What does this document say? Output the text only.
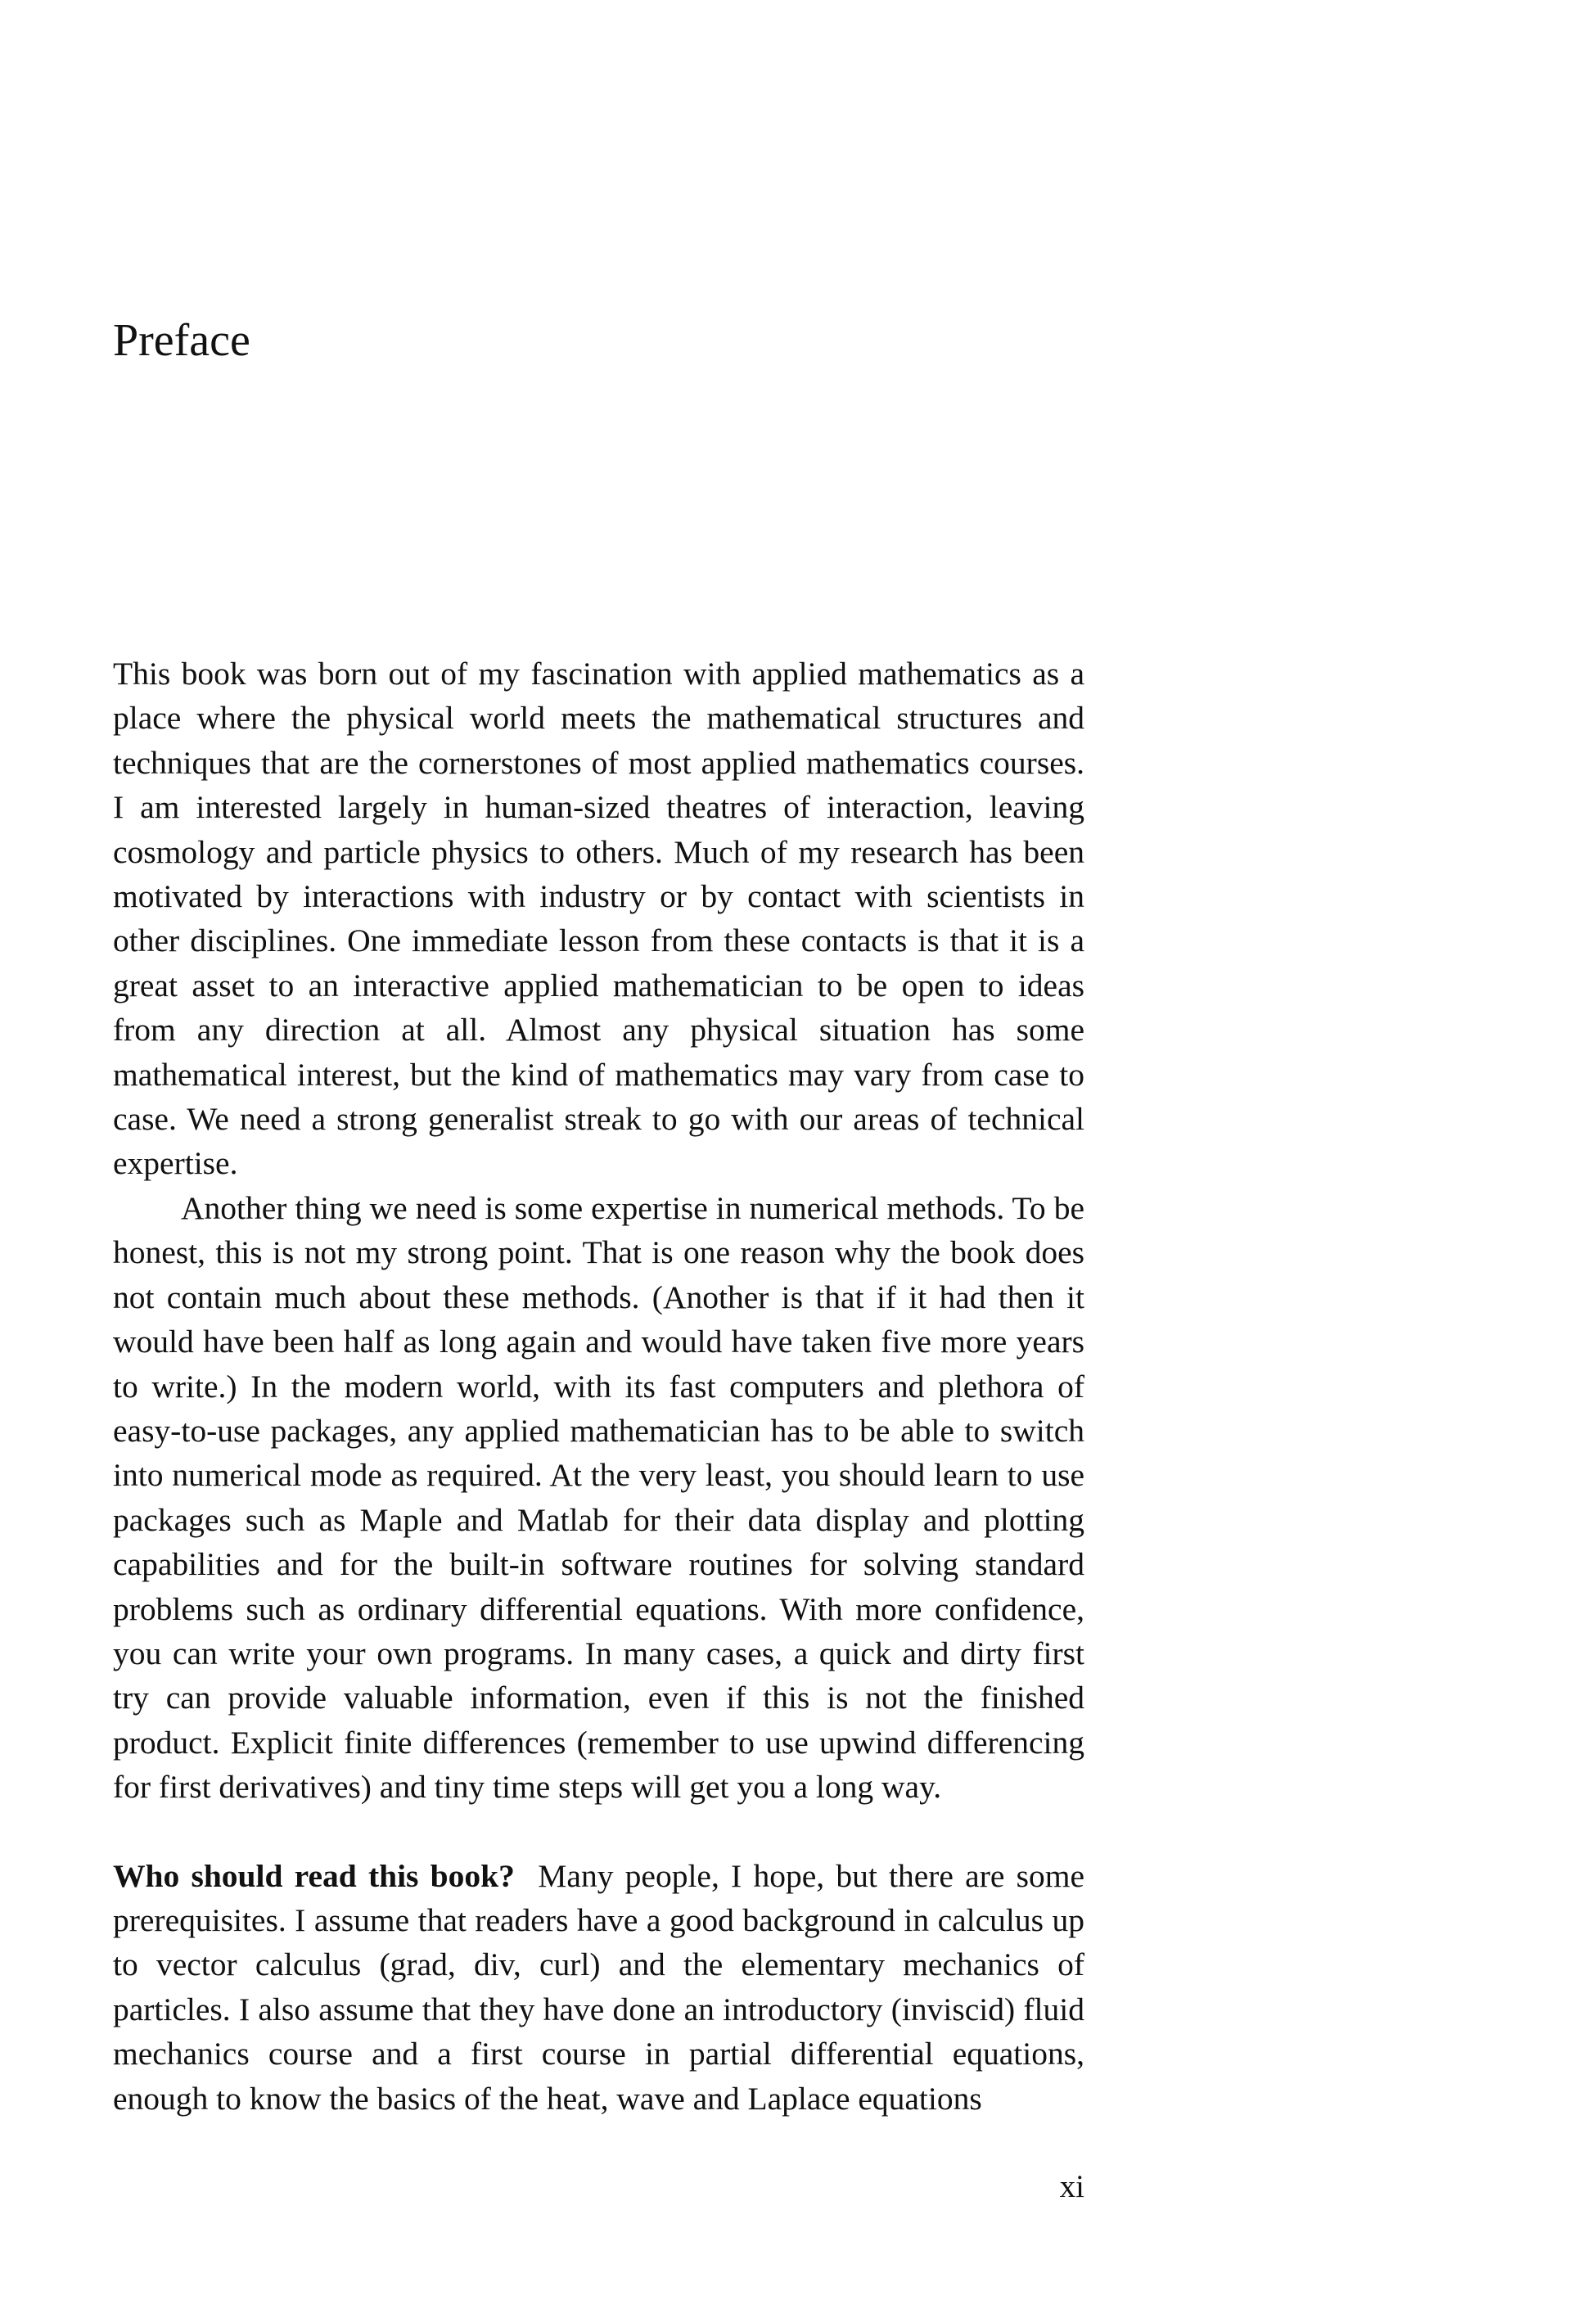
Preface

This book was born out of my fascination with applied mathematics as a place where the physical world meets the mathematical structures and techniques that are the cornerstones of most applied mathematics courses. I am interested largely in human-sized theatres of interaction, leaving cosmology and particle physics to others. Much of my research has been motivated by interactions with industry or by contact with scientists in other disciplines. One immediate lesson from these contacts is that it is a great asset to an interactive applied mathematician to be open to ideas from any direction at all. Almost any physical situation has some mathematical interest, but the kind of mathematics may vary from case to case. We need a strong generalist streak to go with our areas of technical expertise.

Another thing we need is some expertise in numerical methods. To be honest, this is not my strong point. That is one reason why the book does not contain much about these methods. (Another is that if it had then it would have been half as long again and would have taken five more years to write.) In the modern world, with its fast computers and plethora of easy-to-use packages, any applied mathematician has to be able to switch into numerical mode as required. At the very least, you should learn to use packages such as Maple and Matlab for their data display and plotting capabilities and for the built-in software routines for solving standard problems such as ordinary differential equations. With more confidence, you can write your own programs. In many cases, a quick and dirty first try can provide valuable information, even if this is not the finished product. Explicit finite differences (remember to use upwind differencing for first derivatives) and tiny time steps will get you a long way.

Who should read this book? Many people, I hope, but there are some prerequisites. I assume that readers have a good background in calculus up to vector calculus (grad, div, curl) and the elementary mechanics of particles. I also assume that they have done an introductory (inviscid) fluid mechanics course and a first course in partial differential equations, enough to know the basics of the heat, wave and Laplace equations

xi
